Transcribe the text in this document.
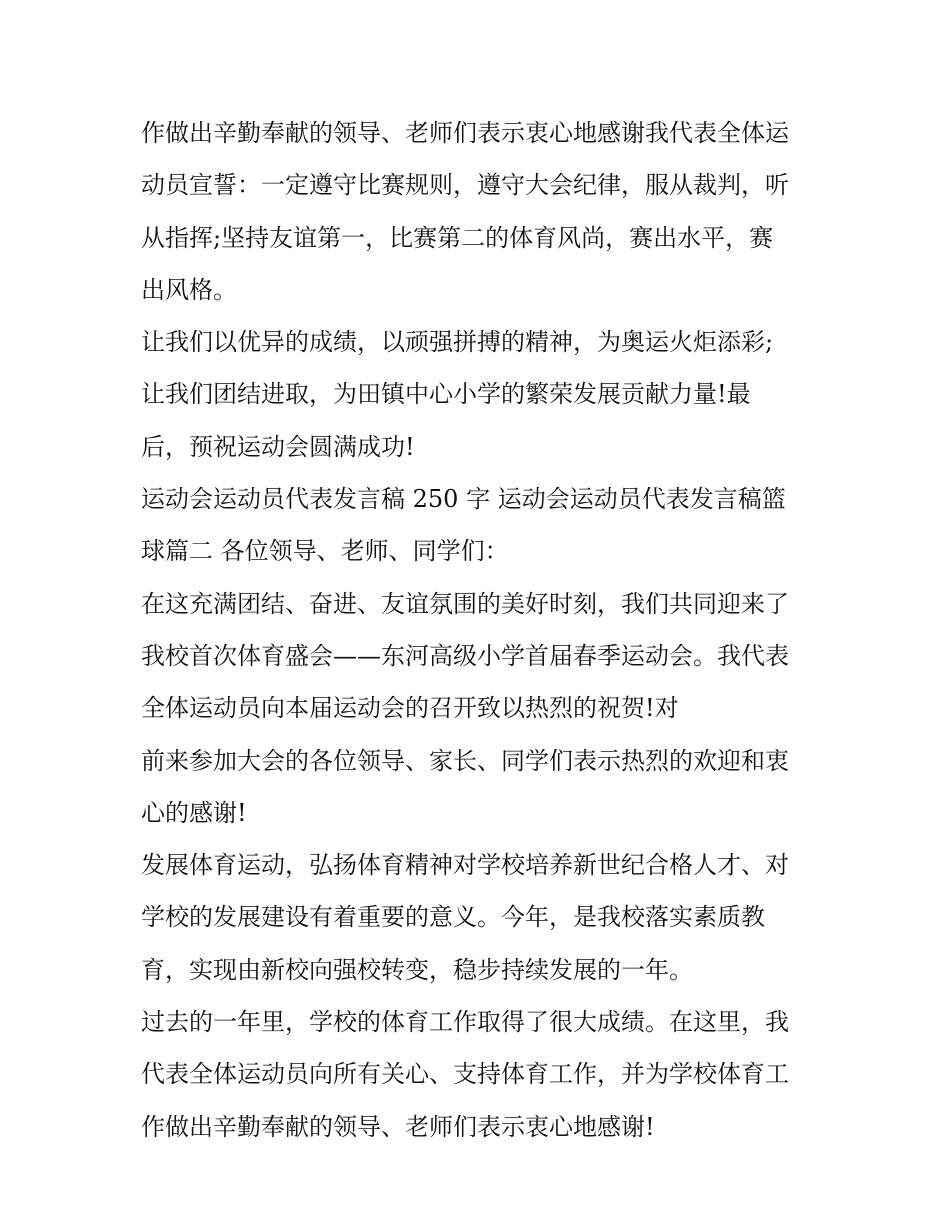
作做出辛勤奉献的领导、老师们表示衷心地感谢我代表全体运
动员宣誓：一定遵守比赛规则，遵守大会纪律，服从裁判，听
从指挥;坚持友谊第一，比赛第二的体育风尚，赛出水平，赛
出风格。
让我们以优异的成绩，以顽强拼搏的精神，为奥运火炬添彩;
让我们团结进取，为田镇中心小学的繁荣发展贡献力量!最
后，预祝运动会圆满成功!
运动会运动员代表发言稿 250 字 运动会运动员代表发言稿篮
球篇二 各位领导、老师、同学们：
在这充满团结、奋进、友谊氛围的美好时刻，我们共同迎来了
我校首次体育盛会——东河高级小学首届春季运动会。我代表
全体运动员向本届运动会的召开致以热烈的祝贺!对
前来参加大会的各位领导、家长、同学们表示热烈的欢迎和衷
心的感谢!
发展体育运动，弘扬体育精神对学校培养新世纪合格人才、对
学校的发展建设有着重要的意义。今年，是我校落实素质教
育，实现由新校向强校转变，稳步持续发展的一年。
过去的一年里，学校的体育工作取得了很大成绩。在这里，我
代表全体运动员向所有关心、支持体育工作，并为学校体育工
作做出辛勤奉献的领导、老师们表示衷心地感谢!
